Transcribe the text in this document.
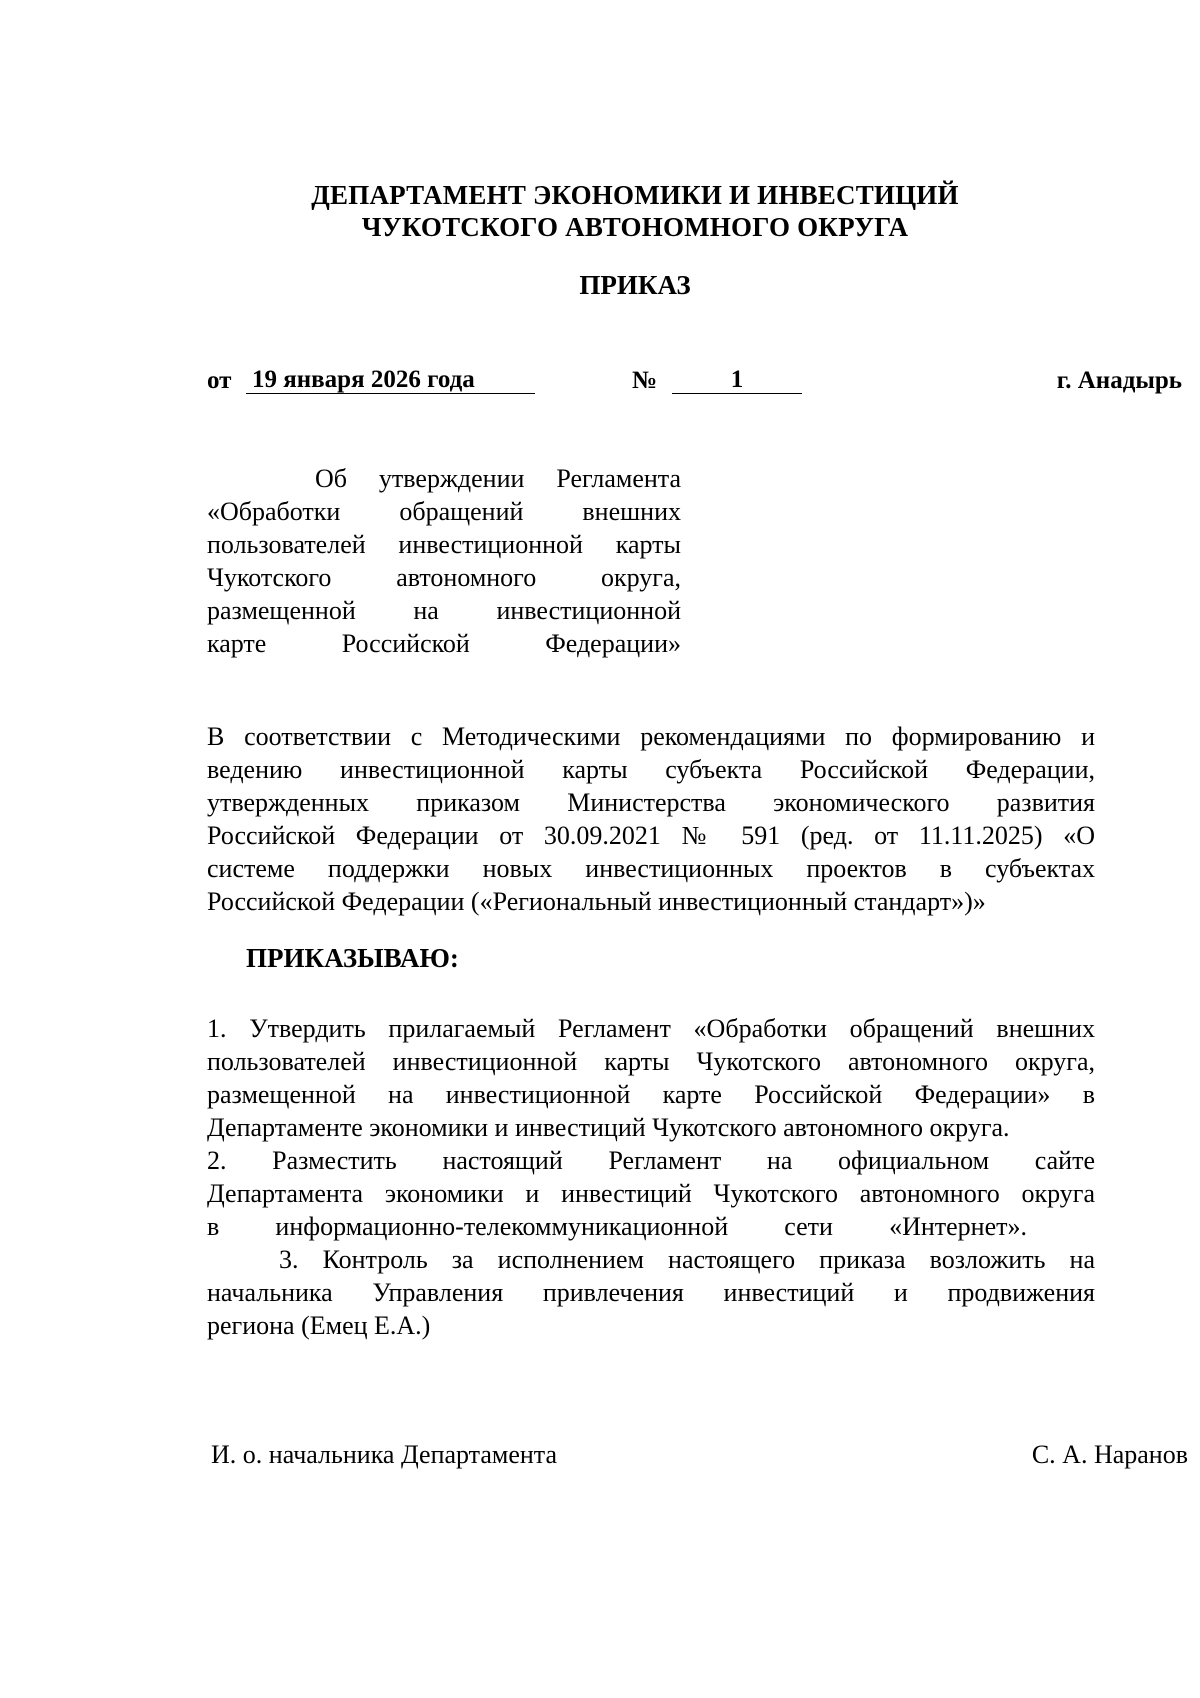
ДЕПАРТАМЕНТ ЭКОНОМИКИ И ИНВЕСТИЦИЙ
ЧУКОТСКОГО АВТОНОМНОГО ОКРУГА
ПРИКАЗ
от 19 января 2026 года	№	1	г. Анадырь
Об утверждении Регламента
«Обработки обращений внешних
пользователей инвестиционной карты
Чукотского автономного округа,
размещенной на инвестиционной
карте Российской Федерации»
В соответствии с Методическими рекомендациями по формированию и
ведению инвестиционной карты субъекта Российской Федерации,
утвержденных приказом Министерства экономического развития
Российской Федерации от 30.09.2021 № 591 (ред. от 11.11.2025) «О
системе поддержки новых инвестиционных проектов в субъектах
Российской Федерации («Региональный инвестиционный стандарт»)»
ПРИКАЗЫВАЮ:
1. Утвердить прилагаемый Регламент «Обработки обращений внешних
пользователей инвестиционной карты Чукотского автономного округа,
размещенной на инвестиционной карте Российской Федерации» в
Департаменте экономики и инвестиций Чукотского автономного округа.
2. Разместить настоящий Регламент на официальном сайте
Департамента экономики и инвестиций Чукотского автономного округа
в информационно-телекоммуникационной сети «Интернет».
3. Контроль за исполнением настоящего приказа возложить на
начальника Управления привлечения инвестиций и продвижения
региона (Емец Е.А.)
И. о. начальника Департамента	С. А. Наранов
